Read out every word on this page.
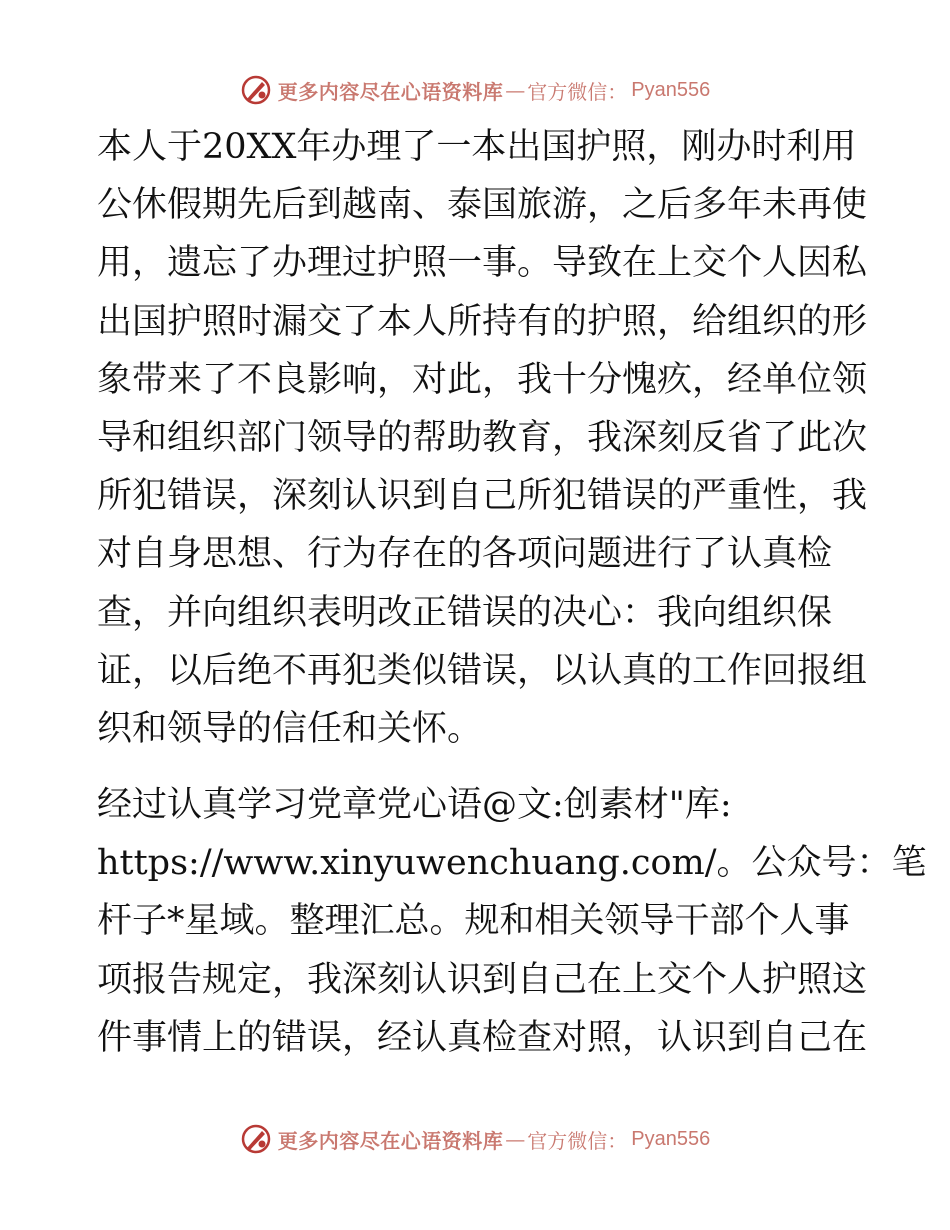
更多内容尽在心语资料库 — 官方微信： Pyan556
本人于20XX年办理了一本出国护照，刚办时利用
公休假期先后到越南、泰国旅游，之后多年未再使
用，遗忘了办理过护照一事。导致在上交个人因私
出国护照时漏交了本人所持有的护照，给组织的形
象带来了不良影响，对此，我十分愧疚，经单位领
导和组织部门领导的帮助教育，我深刻反省了此次
所犯错误，深刻认识到自己所犯错误的严重性，我
对自身思想、行为存在的各项问题进行了认真检
查，并向组织表明改正错误的决心：我向组织保
证，以后绝不再犯类似错误，以认真的工作回报组
织和领导的信任和关怀。
经过认真学习党章党心语@文:创素材"库:
https://www.xinyuwenchuang.com/。公众号：笔
杆子*星域。整理汇总。规和相关领导干部个人事
项报告规定，我深刻认识到自己在上交个人护照这
件事情上的错误，经认真检查对照，认识到自己在
更多内容尽在心语资料库 — 官方微信： Pyan556
